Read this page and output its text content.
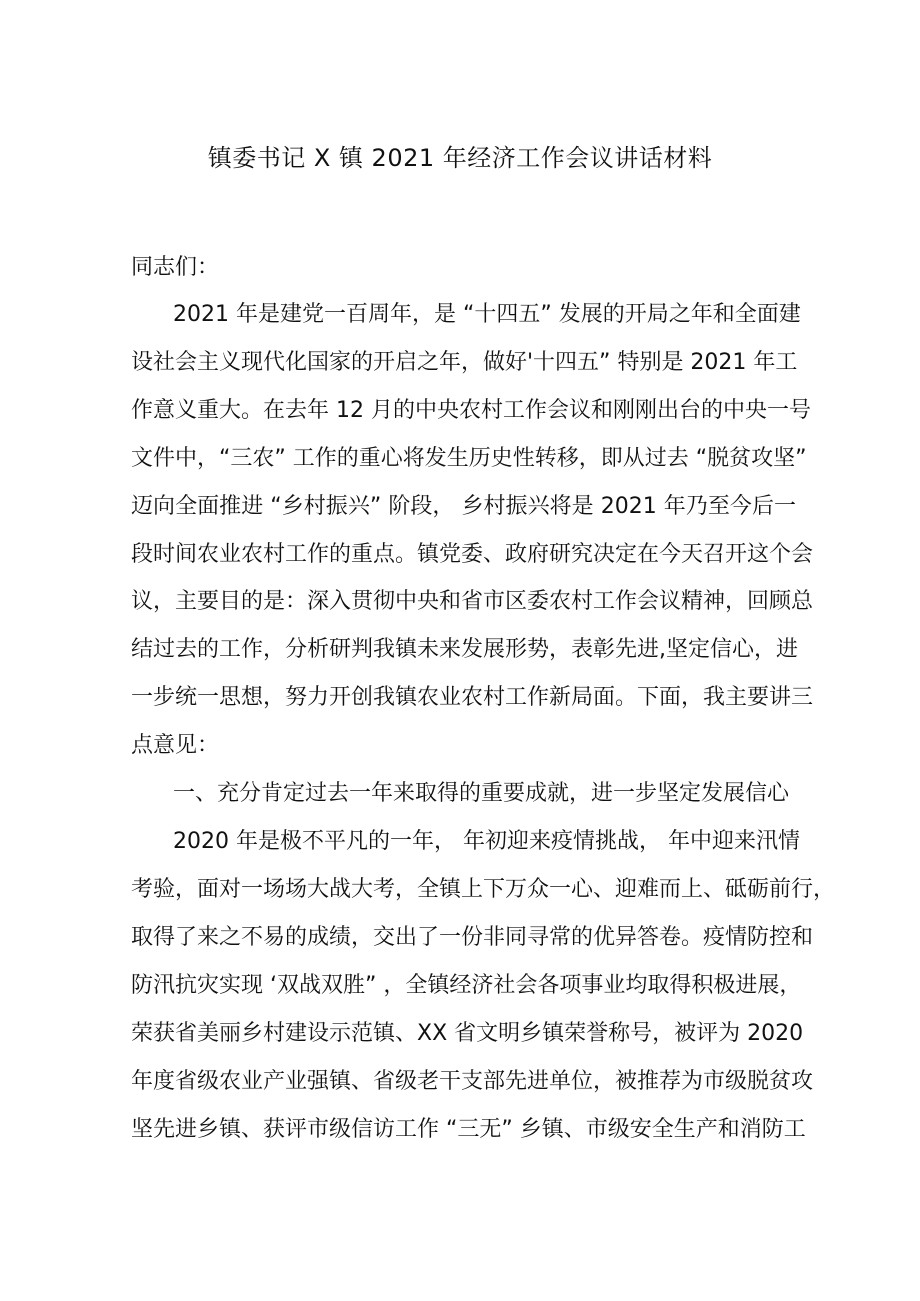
镇委书记 X 镇 2021 年经济工作会议讲话材料

同志们：

2021 年是建党一百周年，是 “十四五” 发展的开局之年和全面建

设社会主义现代化国家的开启之年，做好'十四五” 特别是 2021 年工

作意义重大。在去年 12 月的中央农村工作会议和刚刚出台的中央一号

文件中，“三农” 工作的重心将发生历史性转移，即从过去 “脱贫攻坚”

迈向全面推进 “乡村振兴” 阶段， 乡村振兴将是 2021 年乃至今后一

段时间农业农村工作的重点。镇党委、政府研究决定在今天召开这个会

议，主要目的是：深入贯彻中央和省市区委农村工作会议精神，回顾总

结过去的工作，分析研判我镇未来发展形势，表彰先进,坚定信心，进

一步统一思想，努力开创我镇农业农村工作新局面。下面，我主要讲三

点意见：

一、充分肯定过去一年来取得的重要成就，进一步坚定发展信心

2020 年是极不平凡的一年， 年初迎来疫情挑战， 年中迎来汛情

考验，面对一场场大战大考，全镇上下万众一心、迎难而上、砥砺前行，

取得了来之不易的成绩，交出了一份非同寻常的优异答卷。疫情防控和

防汛抗灾实现 ‘双战双胜” ，全镇经济社会各项事业均取得积极进展，

荣获省美丽乡村建设示范镇、XX 省文明乡镇荣誉称号，被评为 2020

年度省级农业产业强镇、省级老干支部先进单位，被推荐为市级脱贫攻

坚先进乡镇、获评市级信访工作 “三无” 乡镇、市级安全生产和消防工
